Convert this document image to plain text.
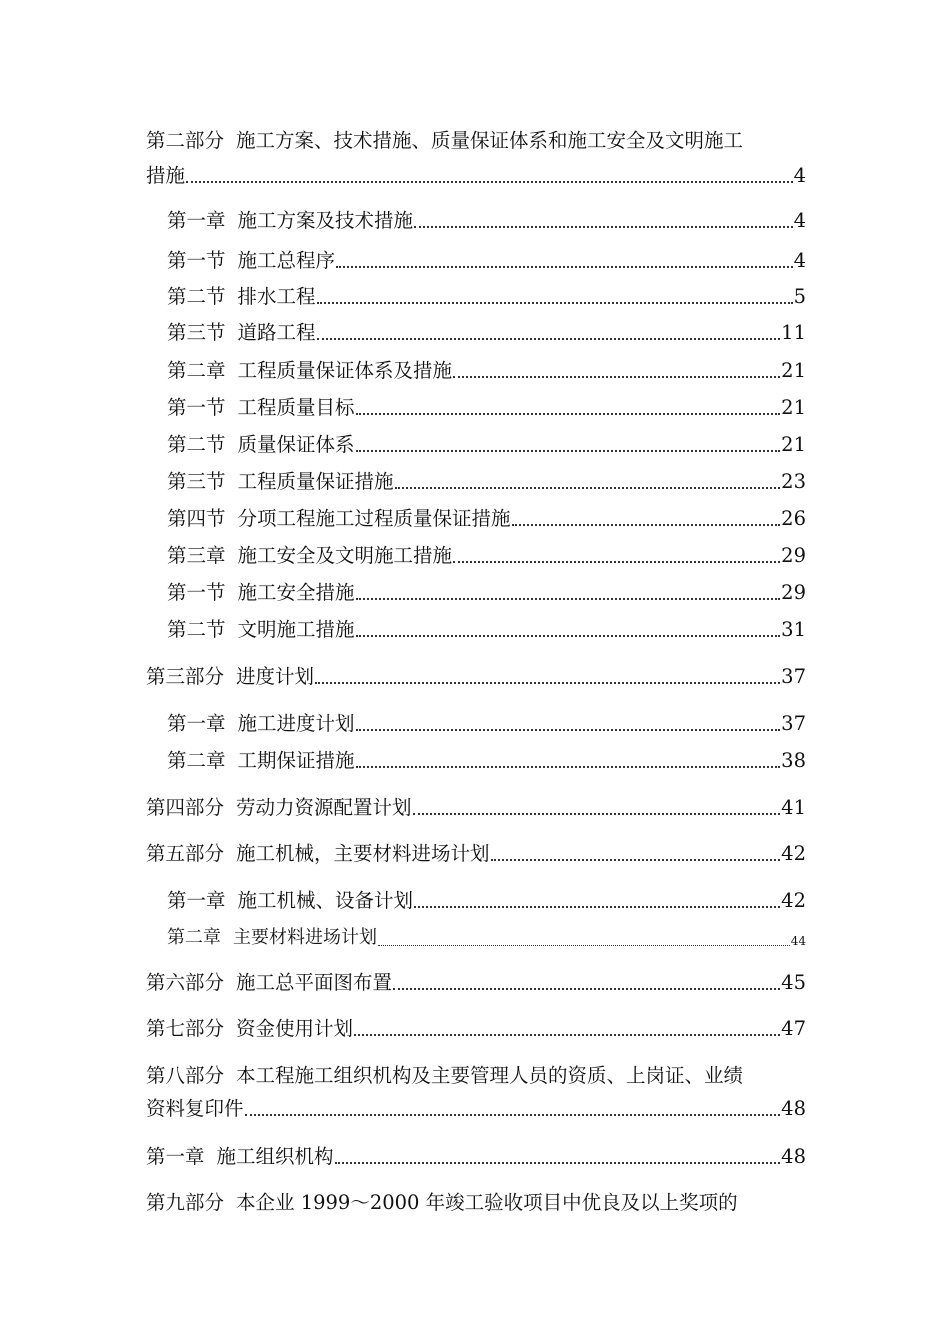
第二部分 施工方案、技术措施、质量保证体系和施工安全及文明施工
措施	4
第一章 施工方案及技术措施	4
第一节 施工总程序	4
第二节 排水工程	5
第三节 道路工程	11
第二章 工程质量保证体系及措施	21
第一节 工程质量目标	21
第二节 质量保证体系	21
第三节 工程质量保证措施	23
第四节 分项工程施工过程质量保证措施	26
第三章 施工安全及文明施工措施	29
第一节 施工安全措施	29
第二节 文明施工措施	31
第三部分 进度计划	37
第一章 施工进度计划	37
第二章 工期保证措施	38
第四部分 劳动力资源配置计划	41
第五部分 施工机械，主要材料进场计划	42
第一章 施工机械、设备计划	42
第二章 主要材料进场计划	44
第六部分 施工总平面图布置	45
第七部分 资金使用计划	47
第八部分 本工程施工组织机构及主要管理人员的资质、上岗证、业绩
资料复印件	48
第一章 施工组织机构	48
第九部分 本企业 1999～2000 年竣工验收项目中优良及以上奖项的
